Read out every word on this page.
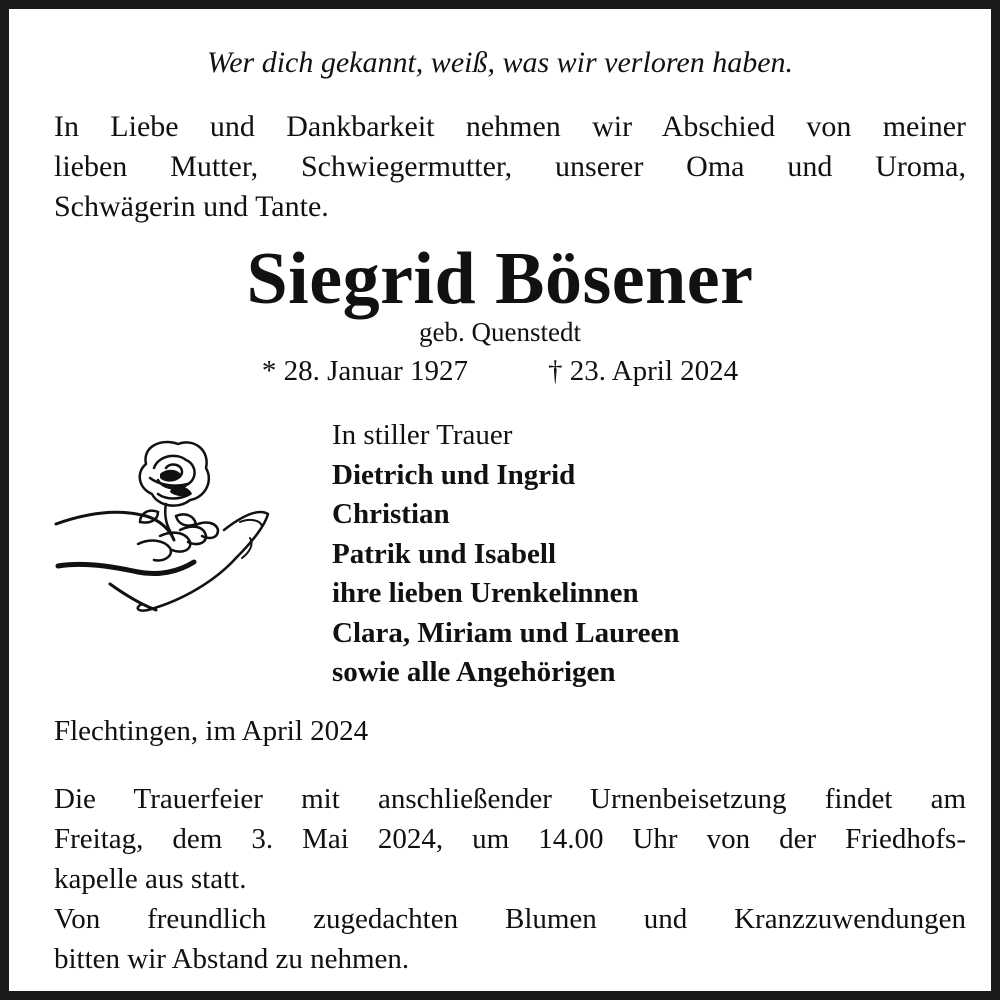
Wer dich gekannt, weiß, was wir verloren haben.
In Liebe und Dankbarkeit nehmen wir Abschied von meiner
lieben Mutter, Schwiegermutter, unserer Oma und Uroma,
Schwägerin und Tante.
Siegrid Bösener
geb. Quenstedt
* 28. Januar 1927	† 23. April 2024
In stiller Trauer
Dietrich und Ingrid
Christian
Patrik und Isabell
ihre lieben Urenkelinnen
Clara, Miriam und Laureen
sowie alle Angehörigen
Flechtingen, im April 2024
Die Trauerfeier mit anschließender Urnenbeisetzung findet am
Freitag, dem 3. Mai 2024, um 14.00 Uhr von der Friedhofs-
kapelle aus statt.
Von freundlich zugedachten Blumen und Kranzzuwendungen
bitten wir Abstand zu nehmen.
